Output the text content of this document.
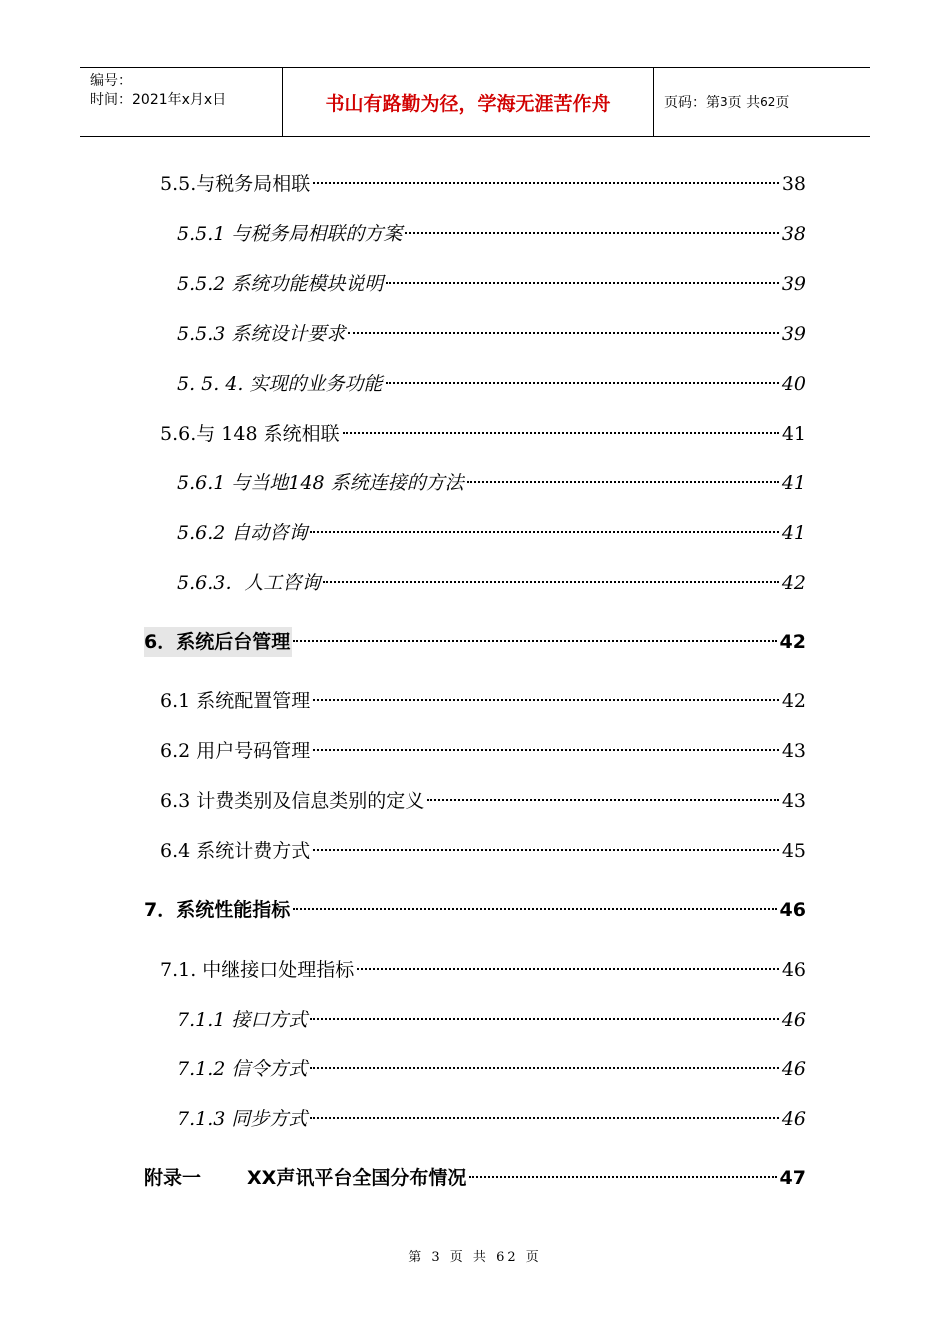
编号：
时间：2021年x月x日	书山有路勤为径，学海无涯苦作舟	页码：第 3 页 共 62 页
5.5.与税务局相联	38
5.5.1 与税务局相联的方案	38
5.5.2 系统功能模块说明	39
5.5.3 系统设计要求	39
5. 5. 4. 实现的业务功能	40
5.6.与 148 系统相联	41
5.6.1 与当地148 系统连接的方法	41
5.6.2 自动咨询	41
5.6.3．人工咨询	42
6．系统后台管理	42
6.1 系统配置管理	42
6.2 用户号码管理	43
6.3 计费类别及信息类别的定义	43
6.4 系统计费方式	45
7．系统性能指标	46
7.1. 中继接口处理指标	46
7.1.1 接口方式	46
7.1.2 信令方式	46
7.1.3 同步方式	46
附录一 XX声讯平台全国分布情况	47
第 3 页 共 62 页
